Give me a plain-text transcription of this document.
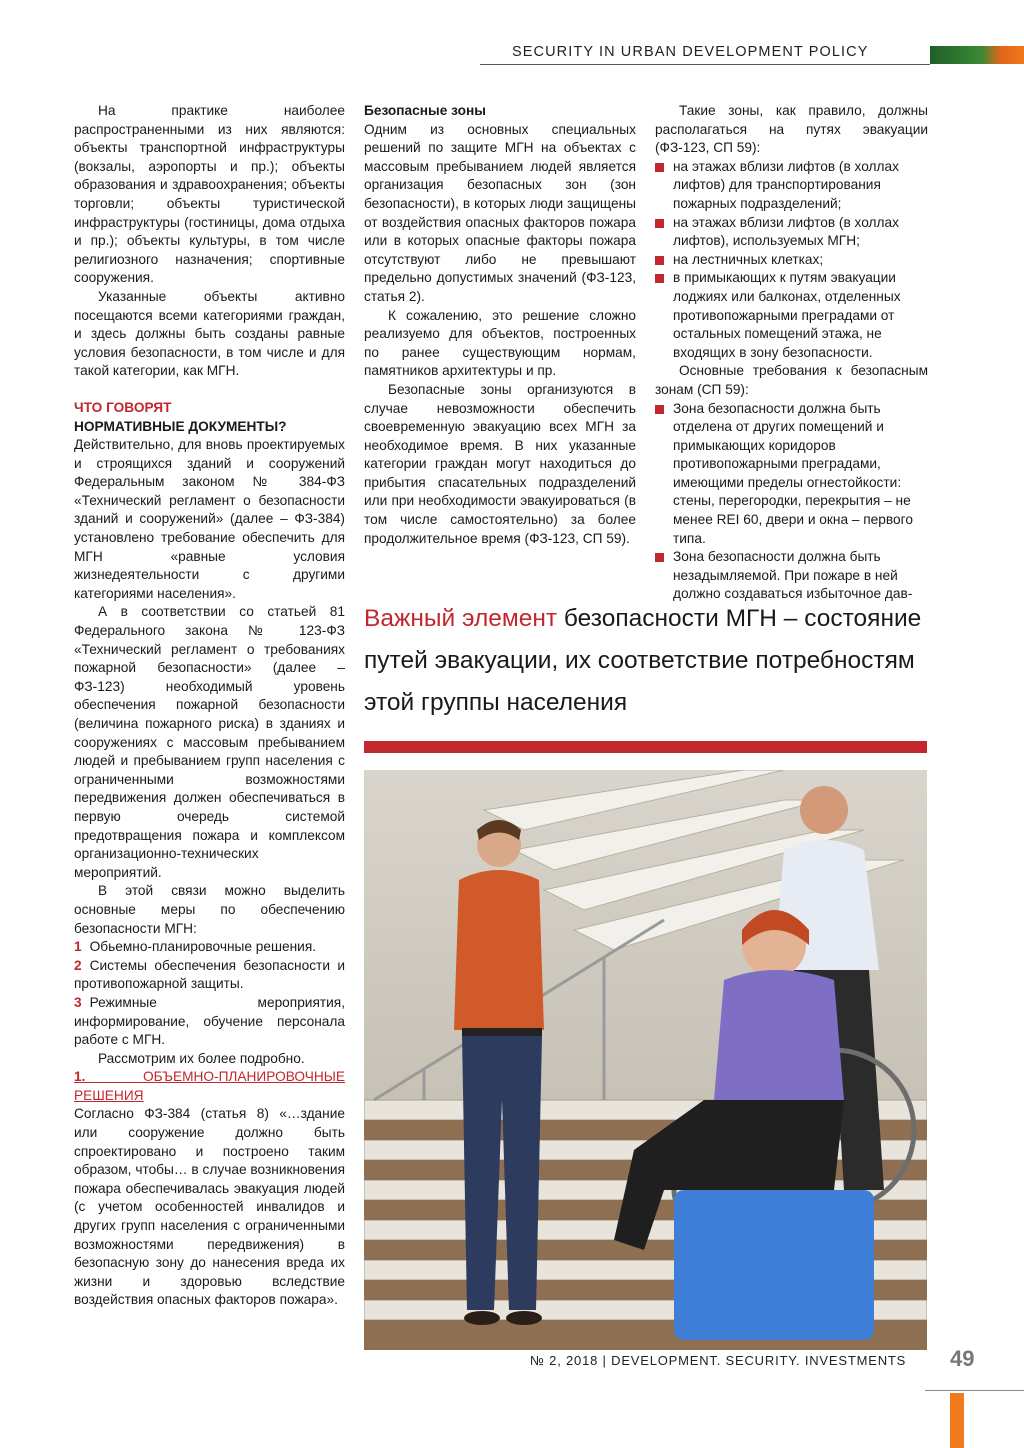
SECURITY IN URBAN DEVELOPMENT POLICY

На практике наиболее распространенными из них являются: объекты транспортной инфраструктуры (вокзалы, аэропорты и пр.); объекты образования и здравоохранения; объекты торговли; объекты туристической инфраструктуры (гостиницы, дома отдыха и пр.); объекты культуры, в том числе религиозного назначения; спортивные сооружения.

Указанные объекты активно посещаются всеми категориями граждан, и здесь должны быть созданы равные условия безопасности, в том числе и для такой категории, как МГН.

ЧТО ГОВОРЯТ

НОРМАТИВНЫЕ ДОКУМЕНТЫ?

Действительно, для вновь проектируемых и строящихся зданий и сооружений Федеральным законом № 384-ФЗ «Технический регламент о безопасности зданий и сооружений» (далее – ФЗ-384) установлено требование обеспечить для МГН «равные условия жизнедеятельности с другими категориями населения».

А в соответствии со статьей 81 Федерального закона № 123-ФЗ «Технический регламент о требованиях пожарной безопасности» (далее – ФЗ-123) необходимый уровень обеспечения пожарной безопасности (величина пожарного риска) в зданиях и сооружениях с массовым пребыванием людей и пребыванием групп населения с ограниченными возможностями передвижения должен обеспечиваться в первую очередь системой предотвращения пожара и комплексом организационно-технических мероприятий.

В этой связи можно выделить основные меры по обеспечению безопасности МГН:

1 Обьемно-планировочные решения.

2 Системы обеспечения безопасности и противопожарной защиты.

3 Режимные мероприятия, информирование, обучение персонала работе с МГН.

Рассмотрим их более подробно.

1.	ОБЪЕМНО-ПЛАНИРОВОЧНЫЕ РЕШЕНИЯ

Согласно ФЗ-384 (статья 8) «…здание или сооружение должно быть спроектировано и построено таким образом, чтобы… в случае возникновения пожара обеспечивалась эвакуация людей (с учетом особенностей инвалидов и других групп населения с ограниченными возможностями передвижения) в безопасную зону до нанесения вреда их жизни и здоровью вследствие воздействия опасных факторов пожара».

Безопасные зоны

Одним из основных специальных решений по защите МГН на объектах с массовым пребыванием людей является организация безопасных зон (зон безопасности), в которых люди защищены от воздействия опасных факторов пожара или в которых опасные факторы пожара отсутствуют либо не превышают предельно допустимых значений (ФЗ-123, статья 2).

К сожалению, это решение сложно реализуемо для объектов, построенных по ранее существующим нормам, памятников архитектуры и пр.

Безопасные зоны организуются в случае невозможности обеспечить своевременную эвакуацию всех МГН за необходимое время. В них указанные категории граждан могут находиться до прибытия спасательных подразделений или при необходимости эвакуироваться (в том числе самостоятельно) за более продолжительное время (ФЗ-123, СП 59).

Такие зоны, как правило, должны располагаться на путях эвакуации (ФЗ-123, СП 59):

на этажах вблизи лифтов (в холлах лифтов) для транспортирования пожарных подразделений;
на этажах вблизи лифтов (в холлах лифтов), используемых МГН;
на лестничных клетках;
в примыкающих к путям эвакуации лоджиях или балконах, отделенных противопожарными преградами от остальных помещений этажа, не входящих в зону безопасности.

Основные требования к безопасным зонам (СП 59):

Зона безопасности должна быть отделена от других помещений и примыкающих коридоров противопожарными преградами, имеющими пределы огнестойкости: стены, перегородки, перекрытия – не менее REI 60, двери и окна – первого типа.
Зона безопасности должна быть незадымляемой. При пожаре в ней должно создаваться избыточное дав-
Важный элемент безопасности МГН – состояние путей эвакуации, их соответствие потребностям этой группы населения
№ 2, 2018 | DEVELOPMENT. SECURITY. INVESTMENTS 49
